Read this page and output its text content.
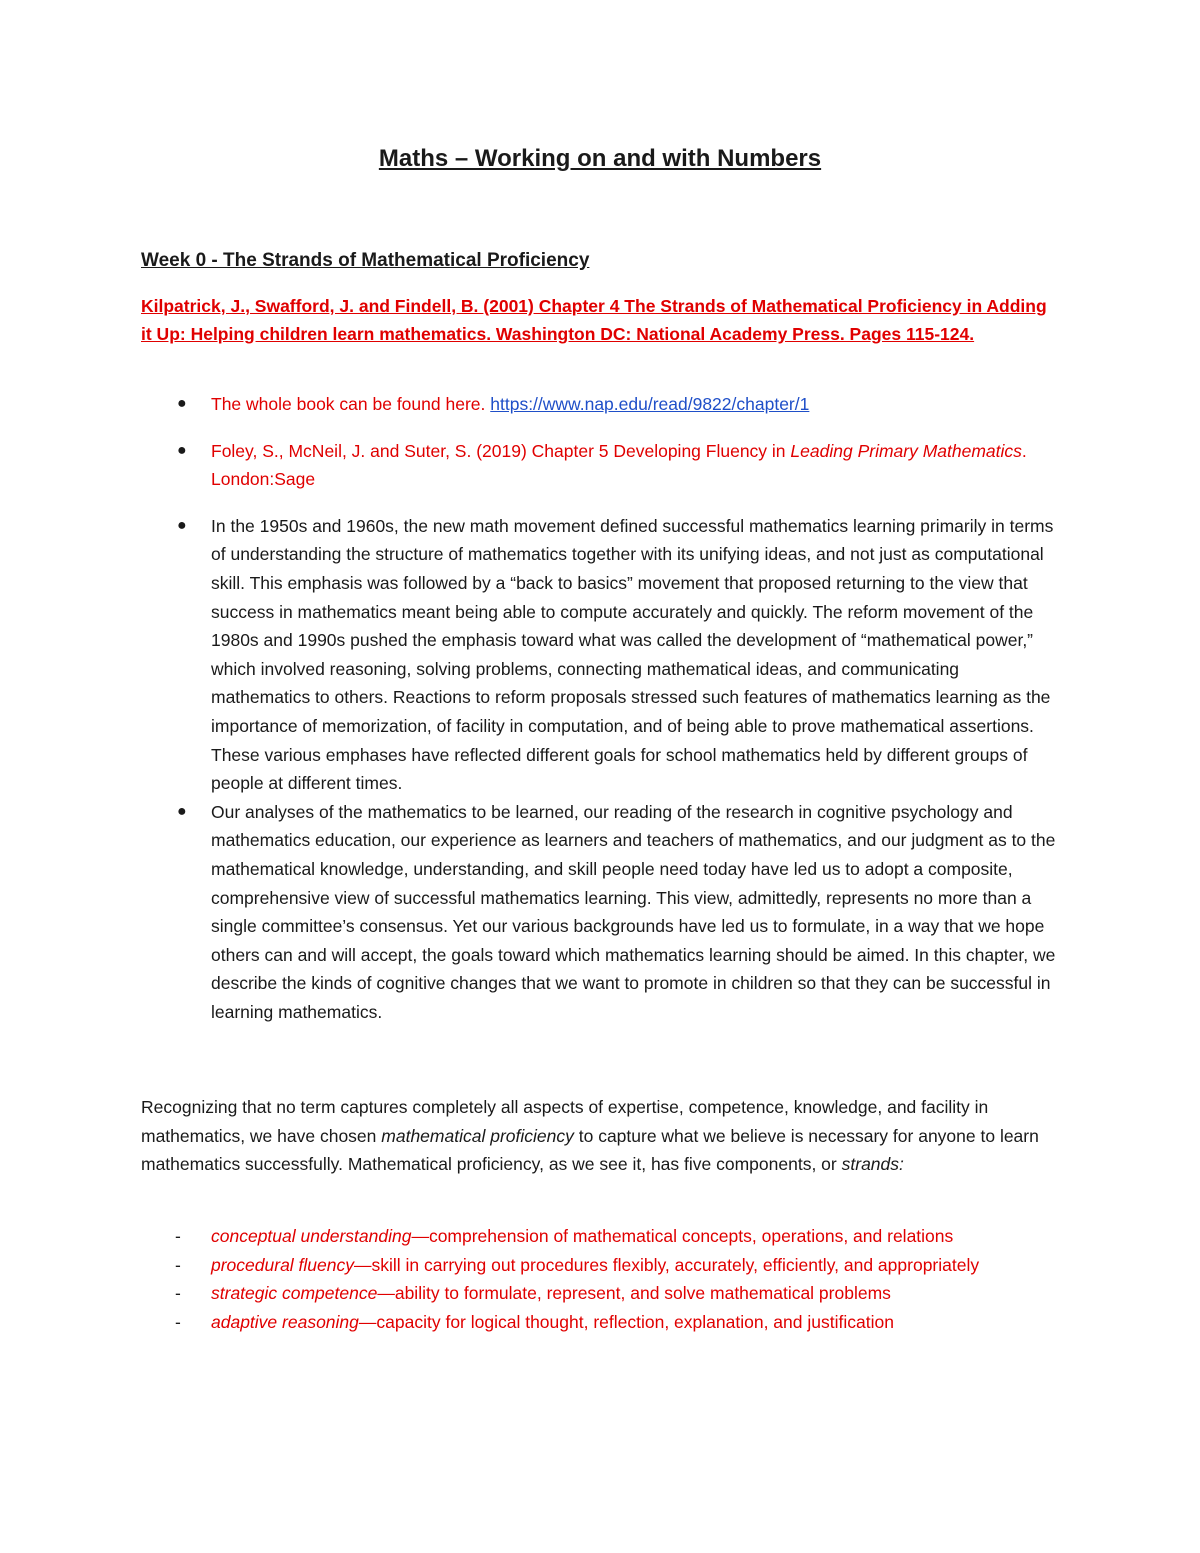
Maths – Working on and with Numbers
Week 0 - The Strands of Mathematical Proficiency

Kilpatrick, J., Swafford, J. and Findell, B. (2001) Chapter 4 The Strands of Mathematical Proficiency in Adding it Up: Helping children learn mathematics. Washington DC: National Academy Press. Pages 115-124.

● The whole book can be found here. https://www.nap.edu/read/9822/chapter/1
● Foley, S., McNeil, J. and Suter, S. (2019) Chapter 5 Developing Fluency in Leading Primary Mathematics. London:Sage
● In the 1950s and 1960s, the new math movement defined successful mathematics learning primarily in terms of understanding the structure of mathematics together with its unifying ideas, and not just as computational skill. This emphasis was followed by a “back to basics” movement that proposed returning to the view that success in mathematics meant being able to compute accurately and quickly. The reform movement of the 1980s and 1990s pushed the emphasis toward what was called the development of “mathematical power,” which involved reasoning, solving problems, connecting mathematical ideas, and communicating mathematics to others. Reactions to reform proposals stressed such features of mathematics learning as the importance of memorization, of facility in computation, and of being able to prove mathematical assertions. These various emphases have reflected different goals for school mathematics held by different groups of people at different times.
● Our analyses of the mathematics to be learned, our reading of the research in cognitive psychology and mathematics education, our experience as learners and teachers of mathematics, and our judgment as to the mathematical knowledge, understanding, and skill people need today have led us to adopt a composite, comprehensive view of successful mathematics learning. This view, admittedly, represents no more than a single committee’s consensus. Yet our various backgrounds have led us to formulate, in a way that we hope others can and will accept, the goals toward which mathematics learning should be aimed. In this chapter, we describe the kinds of cognitive changes that we want to promote in children so that they can be successful in learning mathematics.

Recognizing that no term captures completely all aspects of expertise, competence, knowledge, and facility in mathematics, we have chosen mathematical proficiency to capture what we believe is necessary for anyone to learn mathematics successfully. Mathematical proficiency, as we see it, has five components, or strands:

- conceptual understanding—comprehension of mathematical concepts, operations, and relations
- procedural fluency—skill in carrying out procedures flexibly, accurately, efficiently, and appropriately
- strategic competence—ability to formulate, represent, and solve mathematical problems
- adaptive reasoning—capacity for logical thought, reflection, explanation, and justification
